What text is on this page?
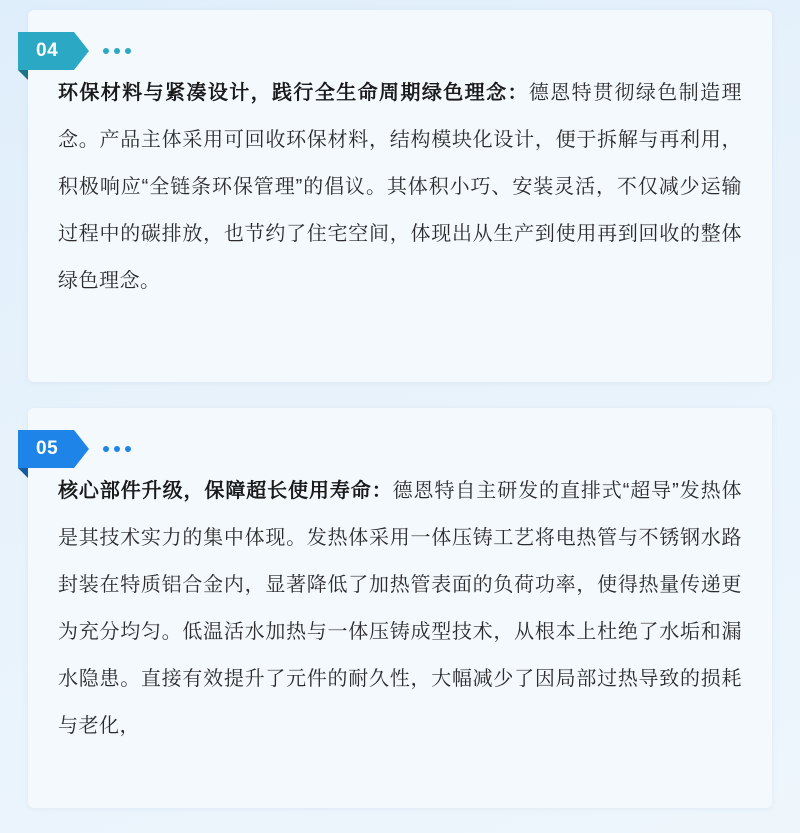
04

环保材料与紧凑设计，践行全生命周期绿色理念：德恩特贯彻绿色制造理念。产品主体采用可回收环保材料，结构模块化设计，便于拆解与再利用，积极响应“全链条环保管理”的倡议。其体积小巧、安装灵活，不仅减少运输过程中的碳排放，也节约了住宅空间，体现出从生产到使用再到回收的整体绿色理念。

05

核心部件升级，保障超长使用寿命：德恩特自主研发的直排式“超导”发热体是其技术实力的集中体现。发热体采用一体压铸工艺将电热管与不锈钢水路封装在特质铝合金内，显著降低了加热管表面的负荷功率，使得热量传递更为充分均匀。低温活水加热与一体压铸成型技术，从根本上杜绝了水垢和漏水隐患。直接有效提升了元件的耐久性，大幅减少了因局部过热导致的损耗与老化，
